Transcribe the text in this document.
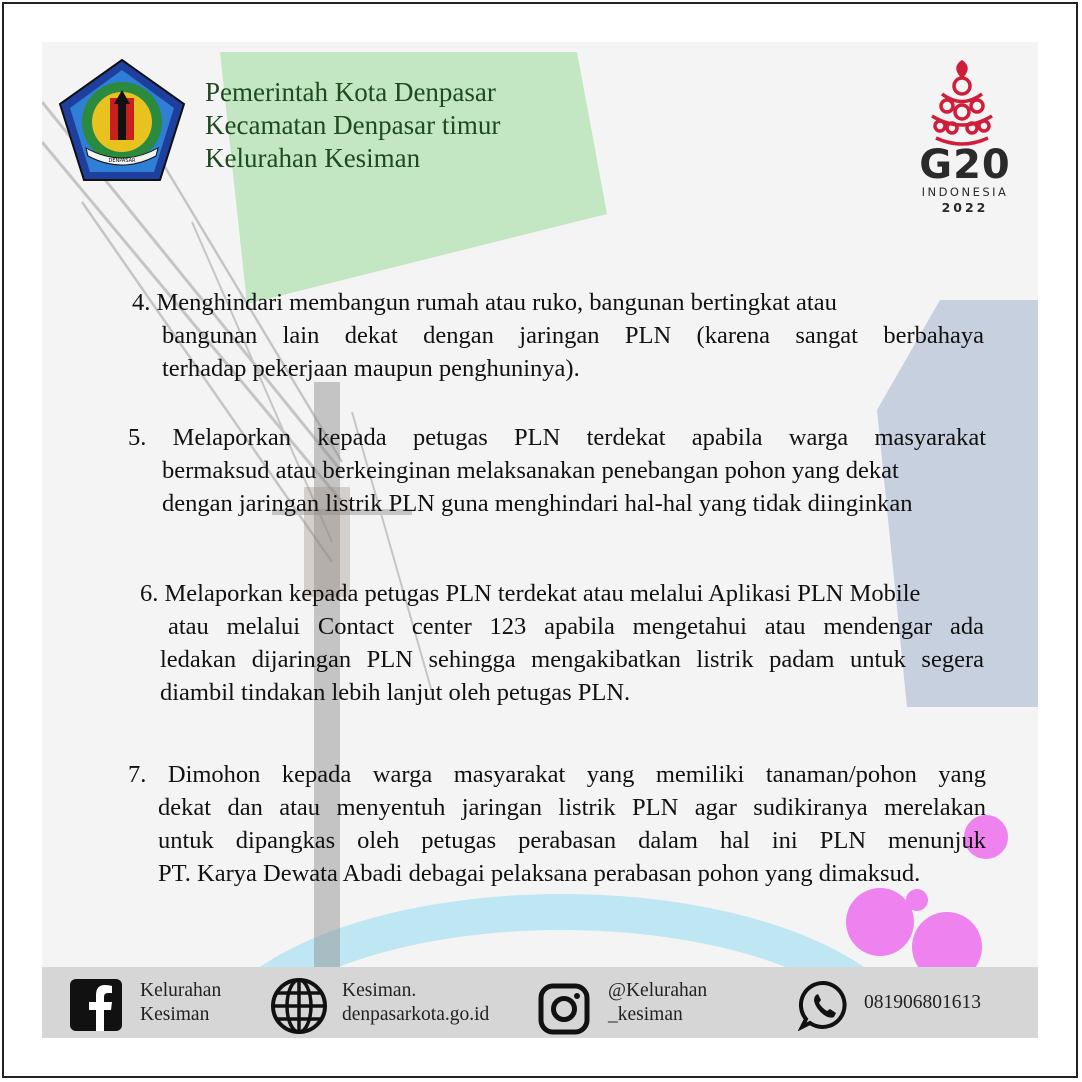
DENPASAR
Pemerintah Kota Denpasar
Kecamatan Denpasar timur
Kelurahan Kesiman	G20
INDONESIA
2022
4. Menghindari membangun rumah atau ruko, bangunan bertingkat atau
bangunan lain dekat dengan jaringan PLN (karena sangat berbahaya
terhadap pekerjaan maupun penghuninya).
5. Melaporkan kepada petugas PLN terdekat apabila warga masyarakat
bermaksud atau berkeinginan melaksanakan penebangan pohon yang dekat
dengan jaringan listrik PLN guna menghindari hal-hal yang tidak diinginkan
6. Melaporkan kepada petugas PLN terdekat atau melalui Aplikasi PLN Mobile
atau melalui Contact center 123 apabila mengetahui atau mendengar ada
ledakan dijaringan PLN sehingga mengakibatkan listrik padam untuk segera
diambil tindakan lebih lanjut oleh petugas PLN.
7. Dimohon kepada warga masyarakat yang memiliki tanaman/pohon yang
dekat dan atau menyentuh jaringan listrik PLN agar sudikiranya merelakan
untuk dipangkas oleh petugas perabasan dalam hal ini PLN menunjuk
PT. Karya Dewata Abadi debagai pelaksana perabasan pohon yang dimaksud.
Kelurahan
Kesiman
Kesiman.
denpasarkota.go.id
@Kelurahan
_kesiman
081906801613
